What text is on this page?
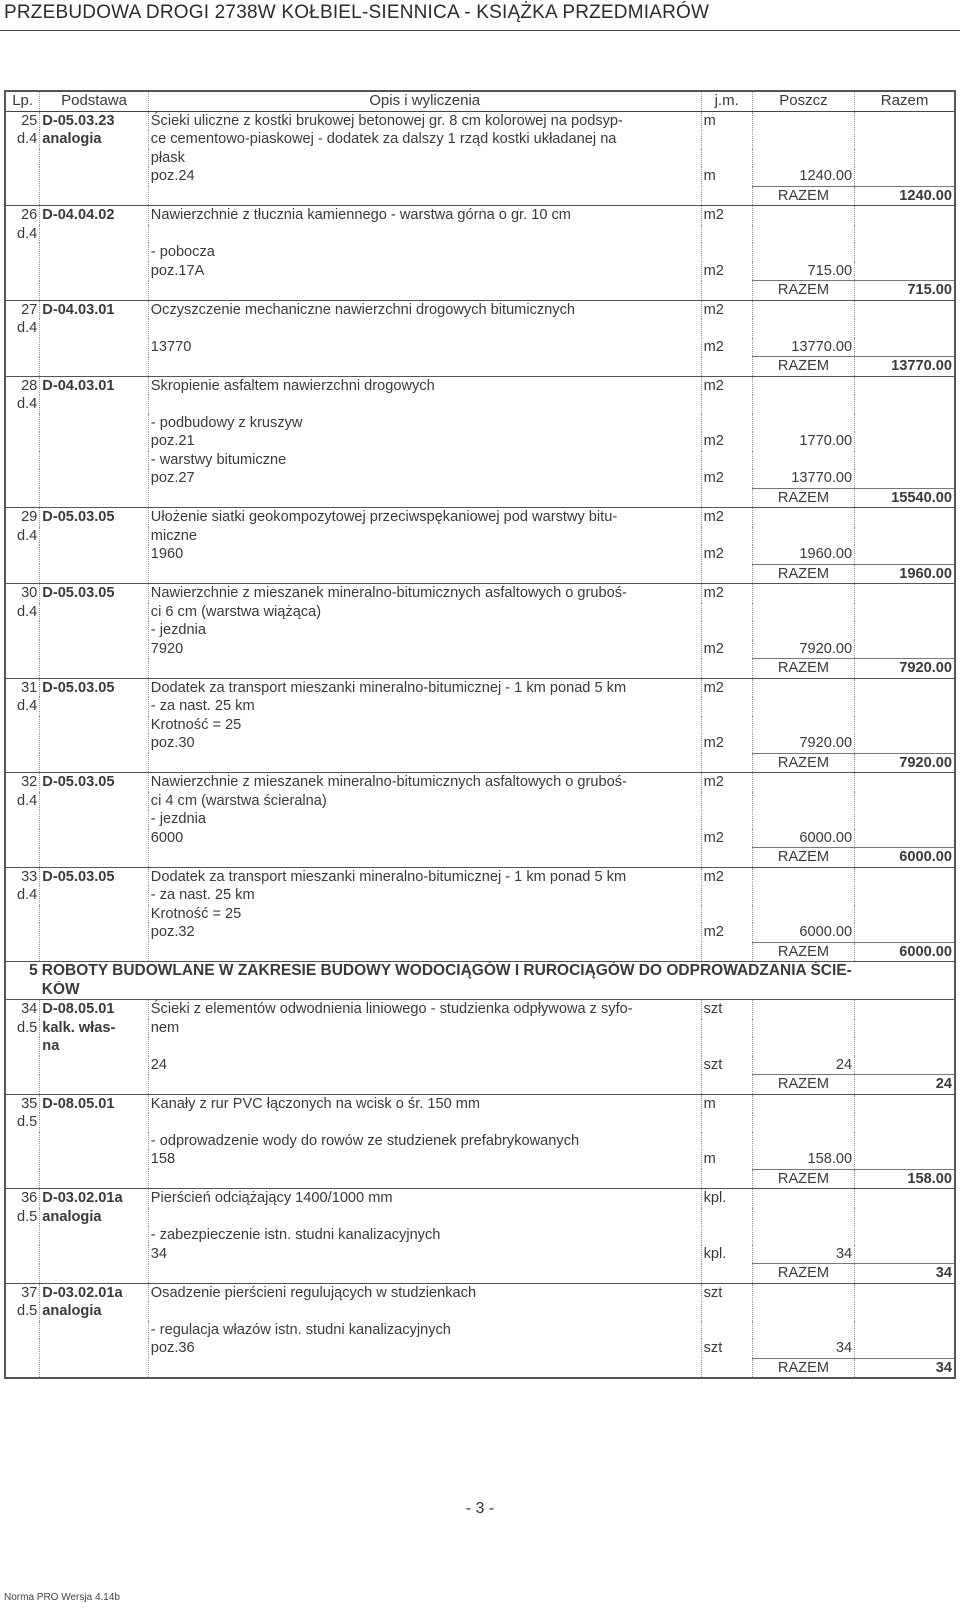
PRZEBUDOWA DROGI 2738W KOŁBIEL-SIENNICA - KSIĄŻKA PRZEDMIARÓW
Lp.	Podstawa	Opis i wyliczenia	j.m.	Poszcz	Razem
25	D-05.03.23	Ścieki uliczne z kostki brukowej betonowej gr. 8 cm kolorowej na podsyp-	m		
d.4	analogia	ce cementowo-piaskowej - dodatek za dalszy 1 rząd kostki układanej na			
		płask			
		poz.24	m	1240.00	
				RAZEM	1240.00
26	D-04.04.02	Nawierzchnie z tłucznia kamiennego - warstwa górna o gr. 10 cm	m2		
d.4					
		- pobocza			
		poz.17A	m2	715.00	
				RAZEM	715.00
27	D-04.03.01	Oczyszczenie mechaniczne nawierzchni drogowych bitumicznych	m2		
d.4					
		13770	m2	13770.00	
				RAZEM	13770.00
28	D-04.03.01	Skropienie asfaltem nawierzchni drogowych	m2		
d.4					
		- podbudowy z kruszyw			
		poz.21	m2	1770.00	
		- warstwy bitumiczne			
		poz.27	m2	13770.00	
				RAZEM	15540.00
29	D-05.03.05	Ułożenie siatki geokompozytowej przeciwspękaniowej pod warstwy bitu-	m2		
d.4		miczne			
		1960	m2	1960.00	
				RAZEM	1960.00
30	D-05.03.05	Nawierzchnie z mieszanek mineralno-bitumicznych asfaltowych o gruboś-	m2		
d.4		ci 6 cm (warstwa wiążąca)			
		- jezdnia			
		7920	m2	7920.00	
				RAZEM	7920.00
31	D-05.03.05	Dodatek za transport mieszanki mineralno-bitumicznej - 1 km ponad 5 km	m2		
d.4		- za nast. 25 km			
		Krotność = 25			
		poz.30	m2	7920.00	
				RAZEM	7920.00
32	D-05.03.05	Nawierzchnie z mieszanek mineralno-bitumicznych asfaltowych o gruboś-	m2		
d.4		ci 4 cm (warstwa ścieralna)			
		- jezdnia			
		6000	m2	6000.00	
				RAZEM	6000.00
33	D-05.03.05	Dodatek za transport mieszanki mineralno-bitumicznej - 1 km ponad 5 km	m2		
d.4		- za nast. 25 km			
		Krotność = 25			
		poz.32	m2	6000.00	
				RAZEM	6000.00
5	ROBOTY BUDOWLANE W ZAKRESIE BUDOWY WODOCIĄGÓW I RUROCIĄGÓW DO ODPROWADZANIA ŚCIE-				
	KÓW				
34	D-08.05.01	Ścieki z elementów odwodnienia liniowego - studzienka odpływowa z syfo-	szt		
d.5	kalk. włas-	nem			
	na				
		24	szt	24	
				RAZEM	24
35	D-08.05.01	Kanały z rur PVC łączonych na wcisk o śr. 150 mm	m		
d.5					
		- odprowadzenie wody do rowów ze studzienek prefabrykowanych			
		158	m	158.00	
				RAZEM	158.00
36	D-03.02.01a	Pierścień odciążający 1400/1000 mm	kpl.		
d.5	analogia				
		- zabezpieczenie istn. studni kanalizacyjnych			
		34	kpl.	34	
				RAZEM	34
37	D-03.02.01a	Osadzenie pierścieni regulujących w studzienkach	szt		
d.5	analogia				
		- regulacja włazów istn. studni kanalizacyjnych			
		poz.36	szt	34	
				RAZEM	34
- 3 -
Norma PRO Wersja 4.14b
